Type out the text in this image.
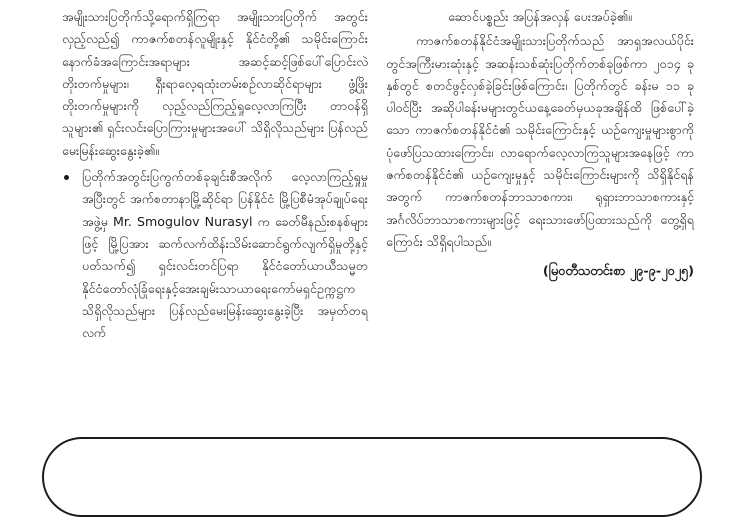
အမျိုးသားပြတိုက်သို့ရောက်ရှိကြရာ အမျိုးသားပြတိုက် အတွင်း လှည့်လည်၍ ကာဇက်စတန်လူမျိုးနှင့် နိုင်ငံတို့၏ သမိုင်းကြောင်း နောက်ခံအကြောင်းအရာများ အဆင့်ဆင့်ဖြစ်ပေါ်ပြောင်းလဲတိုးတက်မှုများ၊ ရှီးရာလေ့ရထုံးတမ်းစဉ်လာဆိုင်ရာများ ဖွံ့ဖြိုးတိုးတက်မှုများကို လှည့်လည်ကြည့်ရှုလေ့လာကြပြီး တာဝန်ရှိသူများ၏ ရှင်းလင်းပြောကြားမှုများအပေါ် သိရှိလိုသည်များ ပြန်လည်မေးမြန်းဆွေးနွေးခဲ့၏။

ပြတိုက်အတွင်းပြကွက်တစ်ခုချင်းစီအလိုက် လေ့လာကြည့်ရှုမှုအပြီးတွင် အက်စတာနာမြို့ဆိုင်ရာ ပြန်နိုင်ငံ မြို့ပြစီမံအုပ်ချုပ်ရေးအဖွဲ့မှ Mr. Smogulov Nurasyl က ခေတ်မီနည်းစနစ်များဖြင့် မြို့ပြအား ဆက်လက်ထိန်းသိမ်းဆောင်ရွက်လျက်ရှိမှုတို့နှင့်ပတ်သက်၍ ရှင်းလင်းတင်ပြရာ နိုင်ငံတော်ယာယီသမ္မတ နိုင်ငံတော်လုံခြုံရေးနှင့်အေးချမ်းသာယာရေးကော်မရှင်ဥက္ကဋ္ဌက သိရှိလိုသည်များ ပြန်လည်မေးမြန်းဆွေးနွေးခဲ့ပြီး အမှတ်တရလက်

ဆောင်ပစ္စည်း အပြန်အလှန် ပေးအပ်ခဲ့၏။

ကာဇက်စတန်နိုင်ငံအမျိုးသားပြတိုက်သည် အာရှအလယ်ပိုင်းတွင်အကြီးမားဆုံးနှင့် အဆန်းသစ်ဆုံးပြတိုက်တစ်ခုဖြစ်ကာ ၂၀၁၄ ခုနှစ်တွင် စတင်ဖွင့်လှစ်ခဲ့ခြင်းဖြစ်ကြောင်း၊ ပြတိုက်တွင် ခန်းမ ၁၁ ခုပါဝင်ပြီး အဆိုပါခန်းမများတွင်ယနေ့ခေတ်မှယခုအချိန်ထိ ဖြစ်ပေါ်ခဲ့သော ကာဇက်စတန်နိုင်ငံ၏ သမိုင်းကြောင်းနှင့် ယဉ်ကျေးမှုများစွာကို ပုံဖော်ပြသထားကြောင်း၊ လာရောက်လေ့လာကြသူများအနေဖြင့် ကာဇက်စတန်နိုင်ငံ၏ ယဉ်ကျေးမှုနှင့် သမိုင်းကြောင်းများကို သိရှိနိုင်ရန်အတွက် ကာဇက်စတန်ဘာသာစကား၊ ရုရှားဘာသာစကားနှင့် အင်္ဂလိပ်ဘာသာစကားများဖြင့် ရေးသားဖော်ပြထားသည်ကို တွေ့ရှိရကြောင်း သိရှိရပါသည်။

(မြဝတီသတင်းစာ ၂၉-၉-၂၀၂၅)
